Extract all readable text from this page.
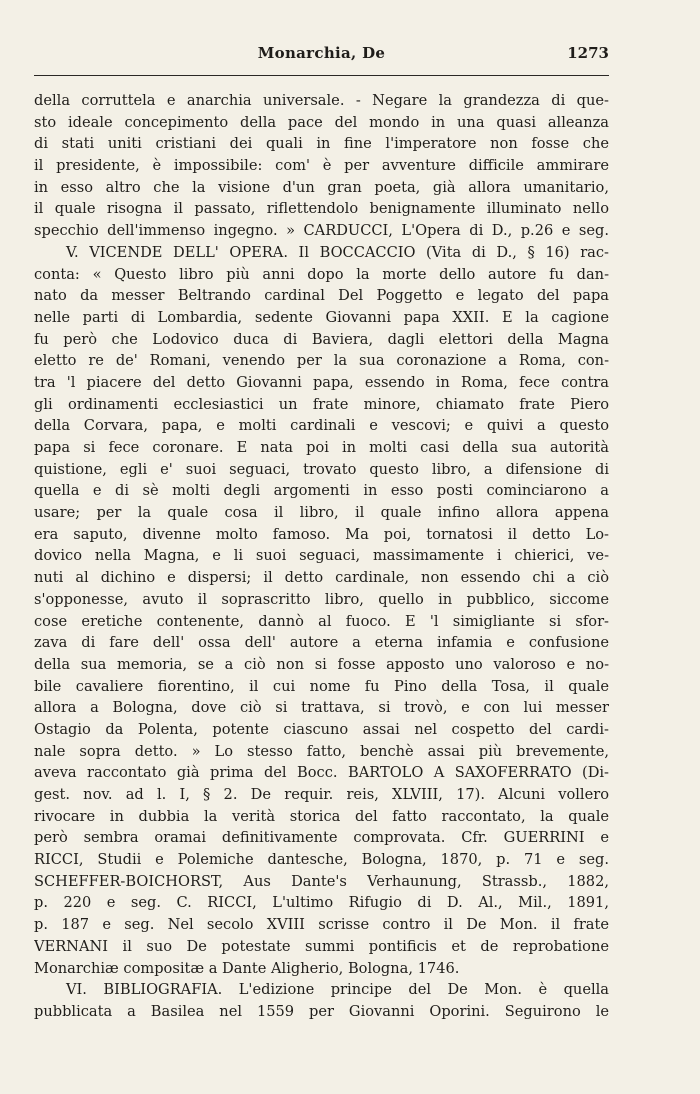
Monarchia, De	1273
della corruttela e anarchia universale. - Negare la grandezza di que-
sto ideale concepimento della pace del mondo in una quasi alleanza
di stati uniti cristiani dei quali in fine l'imperatore non fosse che
il presidente, è impossibile: com' è per avventure difficile ammirare
in esso altro che la visione d'un gran poeta, già allora umanitario,
il quale risogna il passato, riflettendolo benignamente illuminato nello
specchio dell'immenso ingegno. » CARDUCCI, L'Opera di D., p.26 e seg.
V. VICENDE DELL' OPERA. Il BOCCACCIO (Vita di D., § 16) rac-
conta: « Questo libro più anni dopo la morte dello autore fu dan-
nato da messer Beltrando cardinal Del Poggetto e legato del papa
nelle parti di Lombardia, sedente Giovanni papa XXII. E la cagione
fu però che Lodovico duca di Baviera, dagli elettori della Magna
eletto re de' Romani, venendo per la sua coronazione a Roma, con-
tra 'l piacere del detto Giovanni papa, essendo in Roma, fece contra
gli ordinamenti ecclesiastici un frate minore, chiamato frate Piero
della Corvara, papa, e molti cardinali e vescovi; e quivi a questo
papa si fece coronare. E nata poi in molti casi della sua autorità
quistione, egli e' suoi seguaci, trovato questo libro, a difensione di
quella e di sè molti degli argomenti in esso posti cominciarono a
usare; per la quale cosa il libro, il quale infino allora appena
era saputo, divenne molto famoso. Ma poi, tornatosi il detto Lo-
dovico nella Magna, e li suoi seguaci, massimamente i chierici, ve-
nuti al dichino e dispersi; il detto cardinale, non essendo chi a ciò
s'opponesse, avuto il soprascritto libro, quello in pubblico, siccome
cose eretiche contenente, dannò al fuoco. E 'l simigliante si sfor-
zava di fare dell' ossa dell' autore a eterna infamia e confusione
della sua memoria, se a ciò non si fosse apposto uno valoroso e no-
bile cavaliere fiorentino, il cui nome fu Pino della Tosa, il quale
allora a Bologna, dove ciò si trattava, si trovò, e con lui messer
Ostagio da Polenta, potente ciascuno assai nel cospetto del cardi-
nale sopra detto. » Lo stesso fatto, benchè assai più brevemente,
aveva raccontato già prima del Bocc. BARTOLO A SAXOFERRATO (Di-
gest. nov. ad l. I, § 2. De requir. reis, XLVIII, 17). Alcuni vollero
rivocare in dubbia la verità storica del fatto raccontato, la quale
però sembra oramai definitivamente comprovata. Cfr. GUERRINI e
RICCI, Studii e Polemiche dantesche, Bologna, 1870, p. 71 e seg.
SCHEFFER-BOICHORST, Aus Dante's Verhaunung, Strassb., 1882,
p. 220 e seg. C. RICCI, L'ultimo Rifugio di D. Al., Mil., 1891,
p. 187 e seg. Nel secolo XVIII scrisse contro il De Mon. il frate
VERNANI il suo De potestate summi pontificis et de reprobatione
Monarchiæ compositæ a Dante Aligherio, Bologna, 1746.
VI. BIBLIOGRAFIA. L'edizione principe del De Mon. è quella
pubblicata a Basilea nel 1559 per Giovanni Oporini. Seguirono le
